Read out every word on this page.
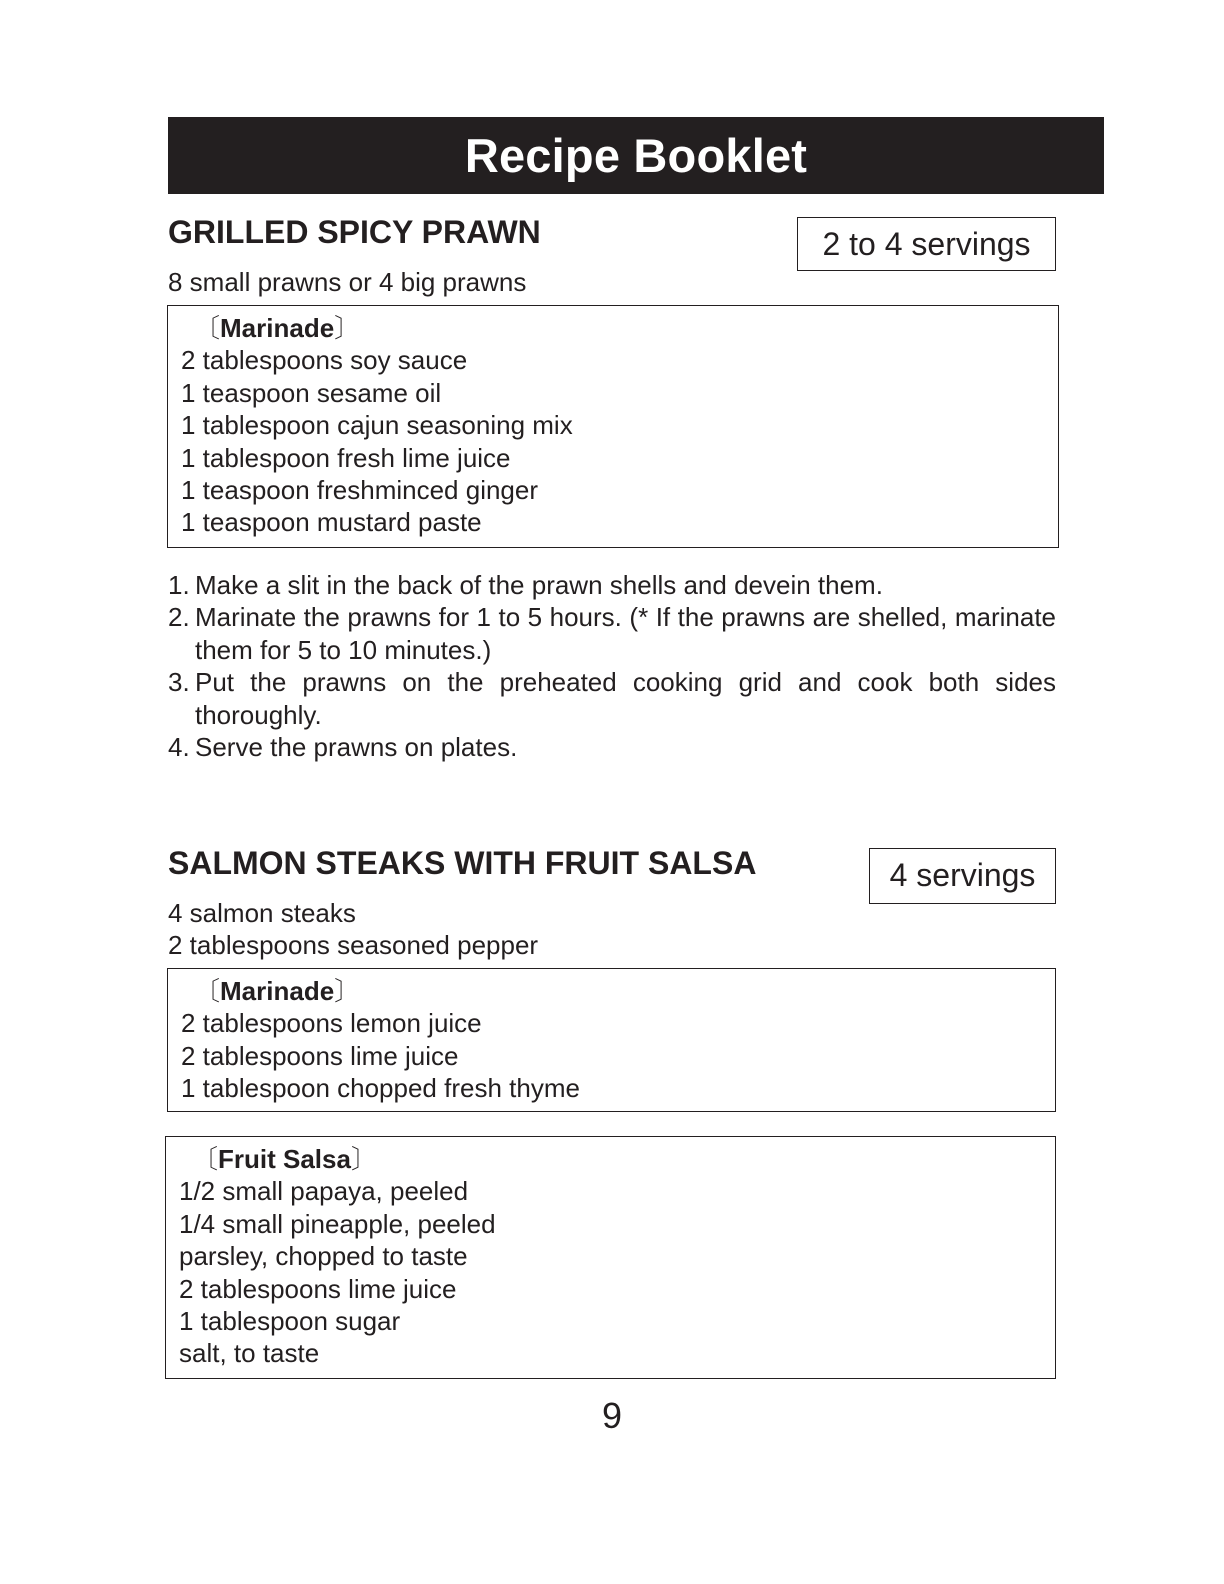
Recipe Booklet
GRILLED SPICY PRAWN	2 to 4 servings
8 small prawns or 4 big prawns
〔Marinade〕
2 tablespoons soy sauce
1 teaspoon sesame oil
1 tablespoon cajun seasoning mix
1 tablespoon fresh lime juice
1 teaspoon freshminced ginger
1 teaspoon mustard paste
1. Make a slit in the back of the prawn shells and devein them.
2. Marinate the prawns for 1 to 5 hours. (* If the prawns are shelled, marinate them for 5 to 10 minutes.)
3. Put the prawns on the preheated cooking grid and cook both sides thoroughly.
4. Serve the prawns on plates.
SALMON STEAKS WITH FRUIT SALSA	4 servings
4 salmon steaks
2 tablespoons seasoned pepper
〔Marinade〕
2 tablespoons lemon juice
2 tablespoons lime juice
1 tablespoon chopped fresh thyme
〔Fruit Salsa〕
1/2 small papaya, peeled
1/4 small pineapple, peeled
parsley, chopped to taste
2 tablespoons lime juice
1 tablespoon sugar
salt, to taste
9
